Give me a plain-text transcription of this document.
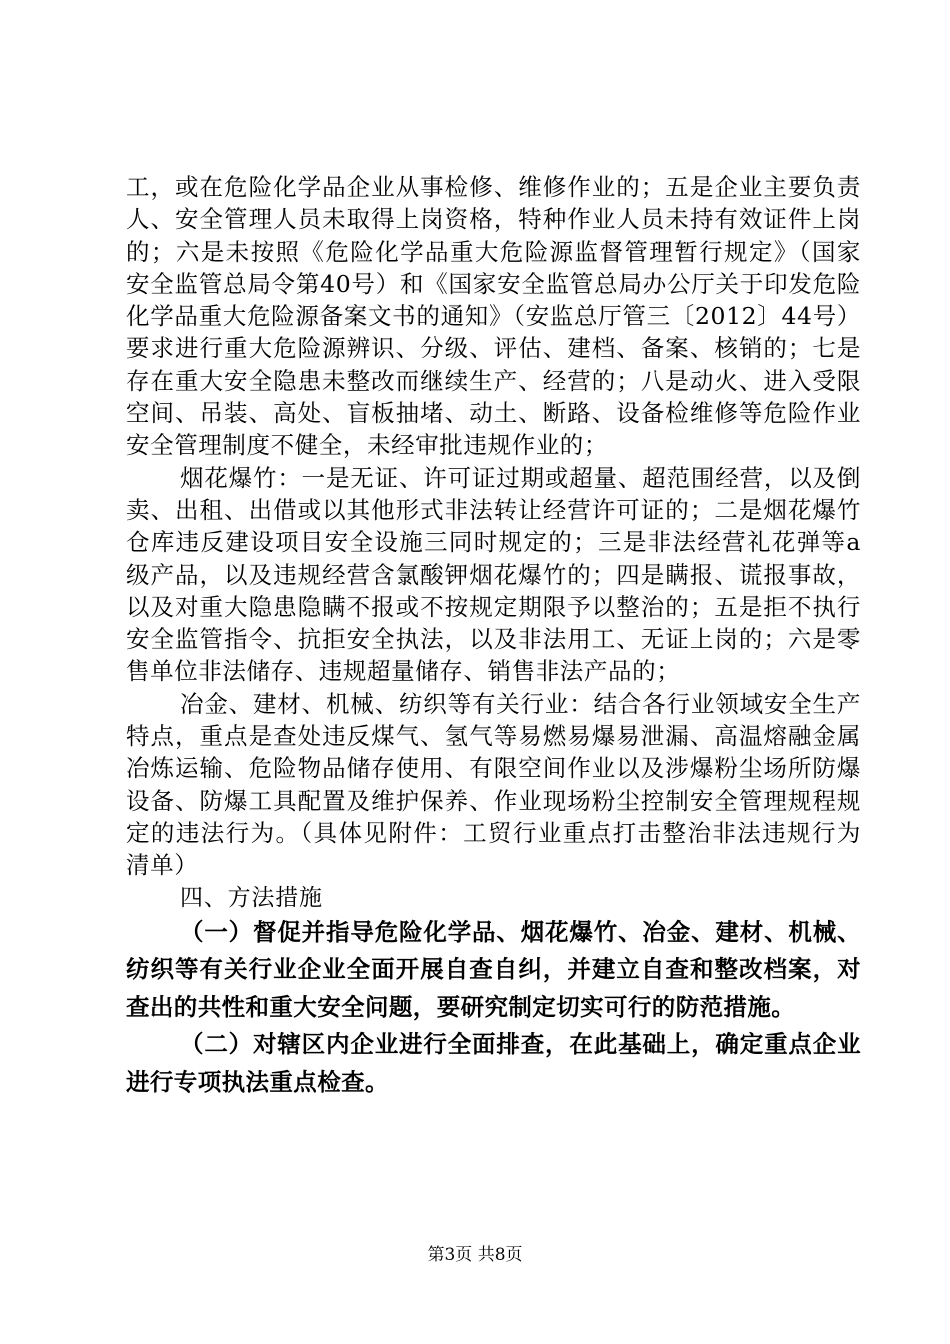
工，或在危险化学品企业从事检修、维修作业的；五是企业主要负责人、安全管理人员未取得上岗资格，特种作业人员未持有效证件上岗的；六是未按照《危险化学品重大危险源监督管理暂行规定》（国家安全监管总局令第40号）和《国家安全监管总局办公厅关于印发危险化学品重大危险源备案文书的通知》（安监总厅管三〔2012〕44号）要求进行重大危险源辨识、分级、评估、建档、备案、核销的；七是存在重大安全隐患未整改而继续生产、经营的；八是动火、进入受限空间、吊装、高处、盲板抽堵、动土、断路、设备检维修等危险作业安全管理制度不健全，未经审批违规作业的；

烟花爆竹：一是无证、许可证过期或超量、超范围经营，以及倒卖、出租、出借或以其他形式非法转让经营许可证的；二是烟花爆竹仓库违反建设项目安全设施三同时规定的；三是非法经营礼花弹等a级产品，以及违规经营含氯酸钾烟花爆竹的；四是瞒报、谎报事故，以及对重大隐患隐瞒不报或不按规定期限予以整治的；五是拒不执行安全监管指令、抗拒安全执法，以及非法用工、无证上岗的；六是零售单位非法储存、违规超量储存、销售非法产品的；

冶金、建材、机械、纺织等有关行业：结合各行业领域安全生产特点，重点是查处违反煤气、氢气等易燃易爆易泄漏、高温熔融金属冶炼运输、危险物品储存使用、有限空间作业以及涉爆粉尘场所防爆设备、防爆工具配置及维护保养、作业现场粉尘控制安全管理规程规定的违法行为。（具体见附件：工贸行业重点打击整治非法违规行为清单）

四、方法措施

（一）督促并指导危险化学品、烟花爆竹、冶金、建材、机械、纺织等有关行业企业全面开展自查自纠，并建立自查和整改档案，对查出的共性和重大安全问题，要研究制定切实可行的防范措施。

（二）对辖区内企业进行全面排查，在此基础上，确定重点企业进行专项执法重点检查。

第3页 共8页
